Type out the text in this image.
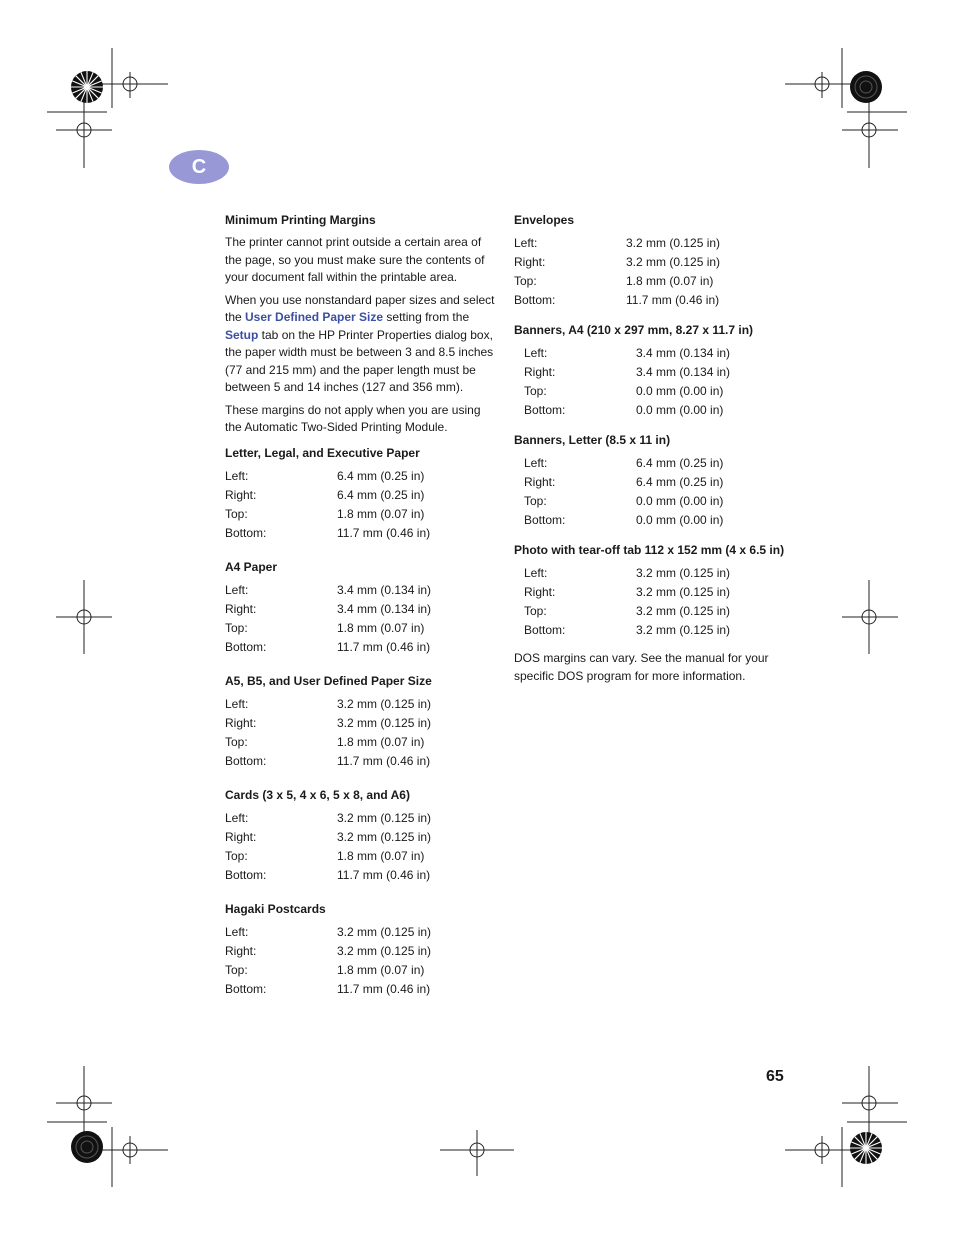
C
Minimum Printing Margins

The printer cannot print outside a certain area of the page, so you must make sure the contents of your document fall within the printable area.

When you use nonstandard paper sizes and select the User Defined Paper Size setting from the Setup tab on the HP Printer Properties dialog box, the paper width must be between 3 and 8.5 inches (77 and 215 mm) and the paper length must be between 5 and 14 inches (127 and 356 mm).

These margins do not apply when you are using the Automatic Two-Sided Printing Module.

Letter, Legal, and Executive Paper
Left:	6.4 mm (0.25 in)
Right:	6.4 mm (0.25 in)
Top:	1.8 mm (0.07 in)
Bottom:	11.7 mm (0.46 in)
A4 Paper
Left:	3.4 mm (0.134 in)
Right:	3.4 mm (0.134 in)
Top:	1.8 mm (0.07 in)
Bottom:	11.7 mm (0.46 in)
A5, B5, and User Defined Paper Size
Left:	3.2 mm (0.125 in)
Right:	3.2 mm (0.125 in)
Top:	1.8 mm (0.07 in)
Bottom:	11.7 mm (0.46 in)
Cards (3 x 5, 4 x 6, 5 x 8, and A6)
Left:	3.2 mm (0.125 in)
Right:	3.2 mm (0.125 in)
Top:	1.8 mm (0.07 in)
Bottom:	11.7 mm (0.46 in)
Hagaki Postcards
Left:	3.2 mm (0.125 in)
Right:	3.2 mm (0.125 in)
Top:	1.8 mm (0.07 in)
Bottom:	11.7 mm (0.46 in)
Envelopes
Left:	3.2 mm (0.125 in)
Right:	3.2 mm (0.125 in)
Top:	1.8 mm (0.07 in)
Bottom:	11.7 mm (0.46 in)
Banners, A4 (210 x 297 mm, 8.27 x 11.7 in)
Left:	3.4 mm (0.134 in)
Right:	3.4 mm (0.134 in)
Top:	0.0 mm (0.00 in)
Bottom:	0.0 mm (0.00 in)
Banners, Letter (8.5 x 11 in)
Left:	6.4 mm (0.25 in)
Right:	6.4 mm (0.25 in)
Top:	0.0 mm (0.00 in)
Bottom:	0.0 mm (0.00 in)
Photo with tear-off tab 112 x 152 mm (4 x 6.5 in)
Left:	3.2 mm (0.125 in)
Right:	3.2 mm (0.125 in)
Top:	3.2 mm (0.125 in)
Bottom:	3.2 mm (0.125 in)

DOS margins can vary. See the manual for your specific DOS program for more information.

65
